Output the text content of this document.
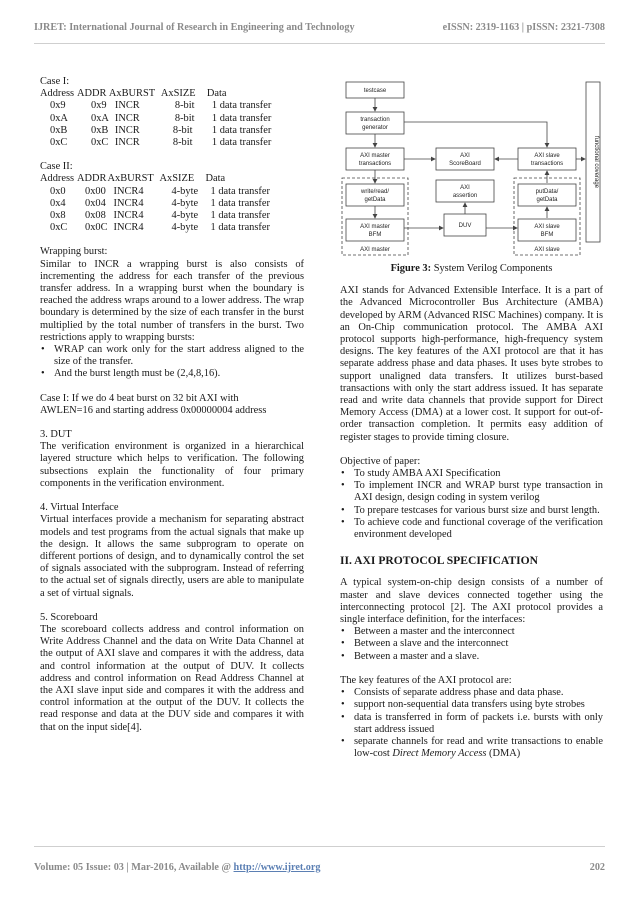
IJRET: International Journal of Research in Engineering and Technology	eISSN: 2319-1163 | pISSN: 2321-7308

Case I:

Address	ADDR	AxBURST	AxSIZE	Data
0x9	0x9	INCR	8-bit	1 data transfer
0xA	0xA	INCR	8-bit	1 data transfer
0xB	0xB	INCR	8-bit	1 data transfer
0xC	0xC	INCR	8-bit	1 data transfer

Case II:

Address	ADDR	AxBURST	AxSIZE	Data
0x0	0x00	INCR4	4-byte	1 data transfer
0x4	0x04	INCR4	4-byte	1 data transfer
0x8	0x08	INCR4	4-byte	1 data transfer
0xC	0x0C	INCR4	4-byte	1 data transfer

Wrapping burst:

Similar to INCR a wrapping burst is also consists of incrementing the address for each transfer of the previous transfer address. In a wrapping burst when the boundary is reached the address wraps around to a lower address. The wrap boundary is determined by the size of each transfer in the burst multiplied by the total number of transfers in the burst. Two restrictions apply to wrapping bursts:

• WRAP can work only for the start address aligned to the size of the transfer.
• And the burst length must be (2,4,8,16).

Case I: If we do 4 beat burst on 32 bit AXI with

AWLEN=16 and starting address 0x00000004 address

3. DUT

The verification environment is organized in a hierarchical layered structure which helps to verification. The following subsections explain the functionality of four primary components in the verification environment.

4. Virtual Interface

Virtual interfaces provide a mechanism for separating abstract models and test programs from the actual signals that make up the design. It allows the same subprogram to operate on different portions of design, and to dynamically control the set of signals associated with the subprogram. Instead of referring to the actual set of signals directly, users are able to manipulate a set of virtual signals.

5. Scoreboard

The scoreboard collects address and control information on Write Address Channel and the data on Write Data Channel at the output of AXI slave and compares it with the address, data and control information at the output of DUV. It collects address and control information on Read Address Channel at the AXI slave input side and compares it with the address and control information at the output of the DUV. It collects the read response and data at the DUV side and compares it with that on the input side[4].

testcase
transaction
generator
AXI master
transactions
AXI
ScoreBoard
AXI slave
transactions
write/read/
getData
AXI
assertion
putData/
getData
AXI master
BFM
DUV	AXI slave
BFM
AXI master	AXI slave
functional coverage

Figure 3: System Verilog Components

AXI stands for Advanced Extensible Interface. It is a part of the Advanced Microcontroller Bus Architecture (AMBA) developed by ARM (Advanced RISC Machines) company. It is an On-Chip communication protocol. The AMBA AXI protocol supports high-performance, high-frequency system designs. The key features of the AXI protocol are that it has separate address phase and data phases. It uses byte strobes to support unaligned data transfers. It utilizes burst-based transactions with only the start address issued. It has separate read and write data channels that provide support for Direct Memory Access (DMA) at a lower cost. It support for out-of-order transaction completion. It permits easy addition of register stages to provide timing closure.

Objective of paper:

• To study AMBA AXI Specification
• To implement INCR and WRAP burst type transaction in AXI design, design coding in system verilog
• To prepare testcases for various burst size and burst length.
• To achieve code and functional coverage of the verification environment developed

II. AXI PROTOCOL SPECIFICATION

A typical system-on-chip design consists of a number of master and slave devices connected together using the interconnecting protocol [2]. The AXI protocol provides a single interface definition, for the interfaces:

• Between a master and the interconnect
• Between a slave and the interconnect
• Between a master and a slave.

The key features of the AXI protocol are:

• Consists of separate address phase and data phase.
• support non-sequential data transfers using byte strobes
• data is transferred in form of packets i.e. bursts with only start address issued
• separate channels for read and write transactions to enable low-cost Direct Memory Access (DMA)
Volume: 05 Issue: 03 | Mar-2016, Available @ http://www.ijret.org	202
